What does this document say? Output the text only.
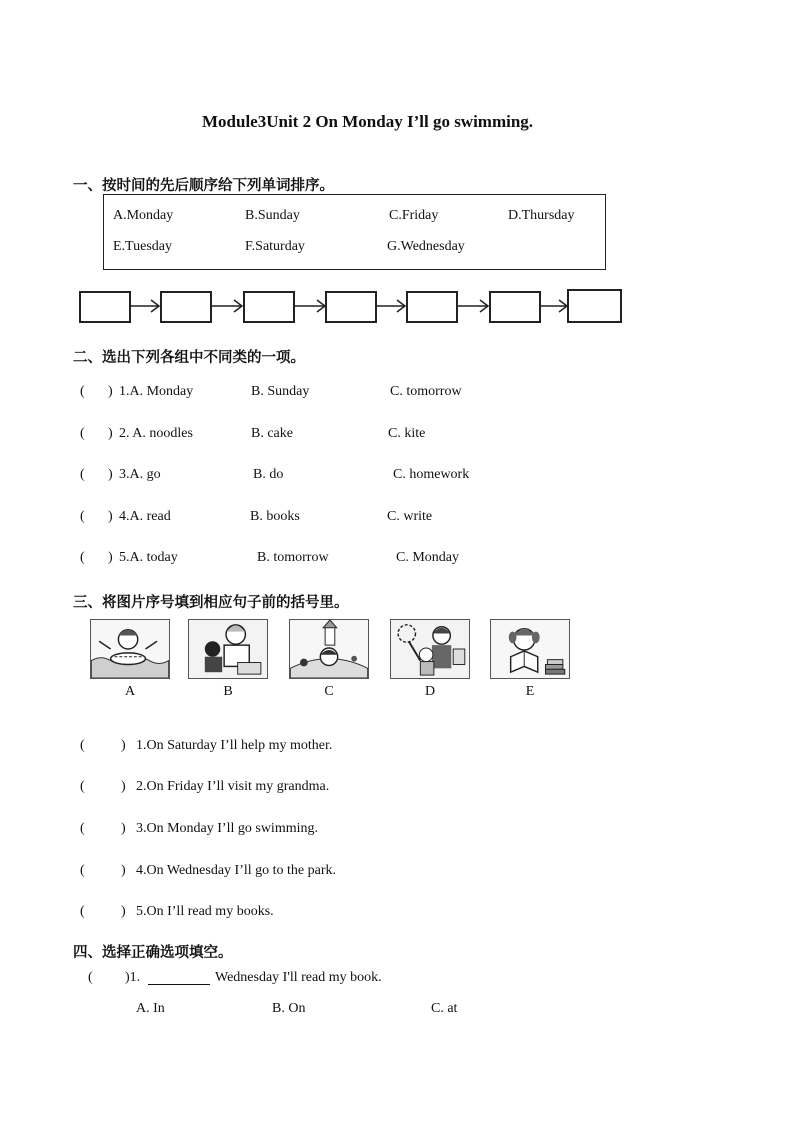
Module3Unit 2 On Monday I’ll go swimming.
一、按时间的先后顺序给下列单词排序。
A.Monday	B.Sunday	C.Friday	D.Thursday
E.Tuesday	F.Saturday	G.Wednesday
二、选出下列各组中不同类的一项。
( ) 1.A. Monday	B. Sunday	C. tomorrow
( ) 2. A. noodles	B. cake	C. kite
( ) 3.A. go	B. do	C. homework
( ) 4.A. read	B. books	C. write
( ) 5.A. today	B. tomorrow	C. Monday
三、将图片序号填到相应句子前的括号里。
A	B	C	D	E
(	) 1.On Saturday I’ll help my mother.
(	) 2.On Friday I’ll visit my grandma.
(	) 3.On Monday I’ll go swimming.
(	) 4.On Wednesday I’ll go to the park.
(	) 5.On I’ll read my books.
四、选择正确选项填空。
( )1.	Wednesday I'll read my book.
A. In	B. On	C. at
